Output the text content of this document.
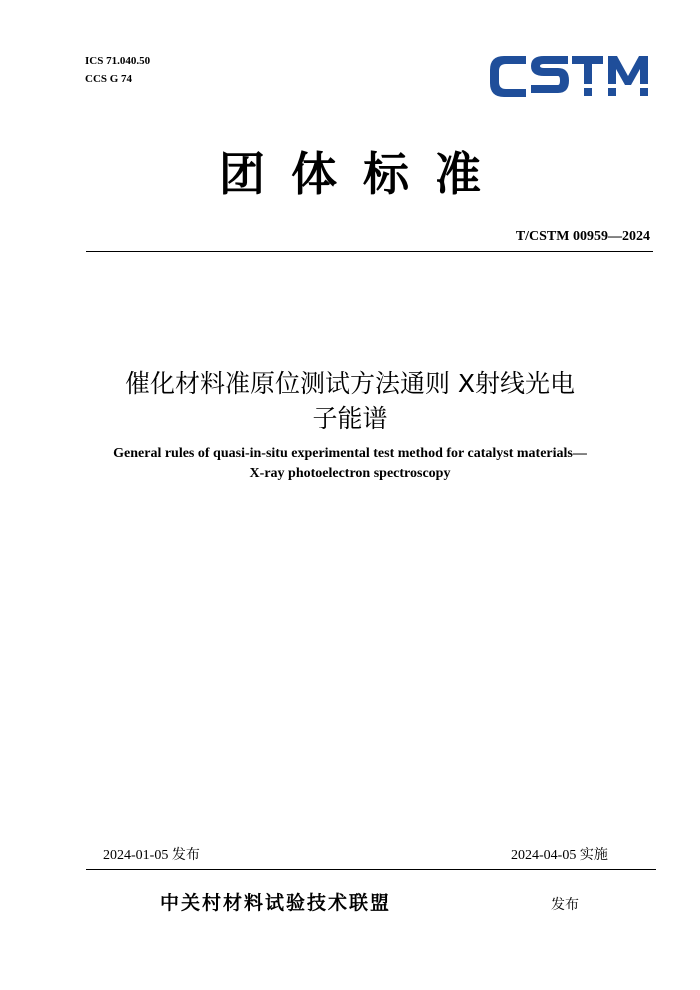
ICS 71.040.50
CCS G 74
团体标准
T/CSTM 00959—2024
催化材料准原位测试方法通则 X射线光电
子能谱
General rules of quasi-in-situ experimental test method for catalyst materials—
X-ray photoelectron spectroscopy
2024-01-05 发布	2024-04-05 实施
中关村材料试验技术联盟	发布
